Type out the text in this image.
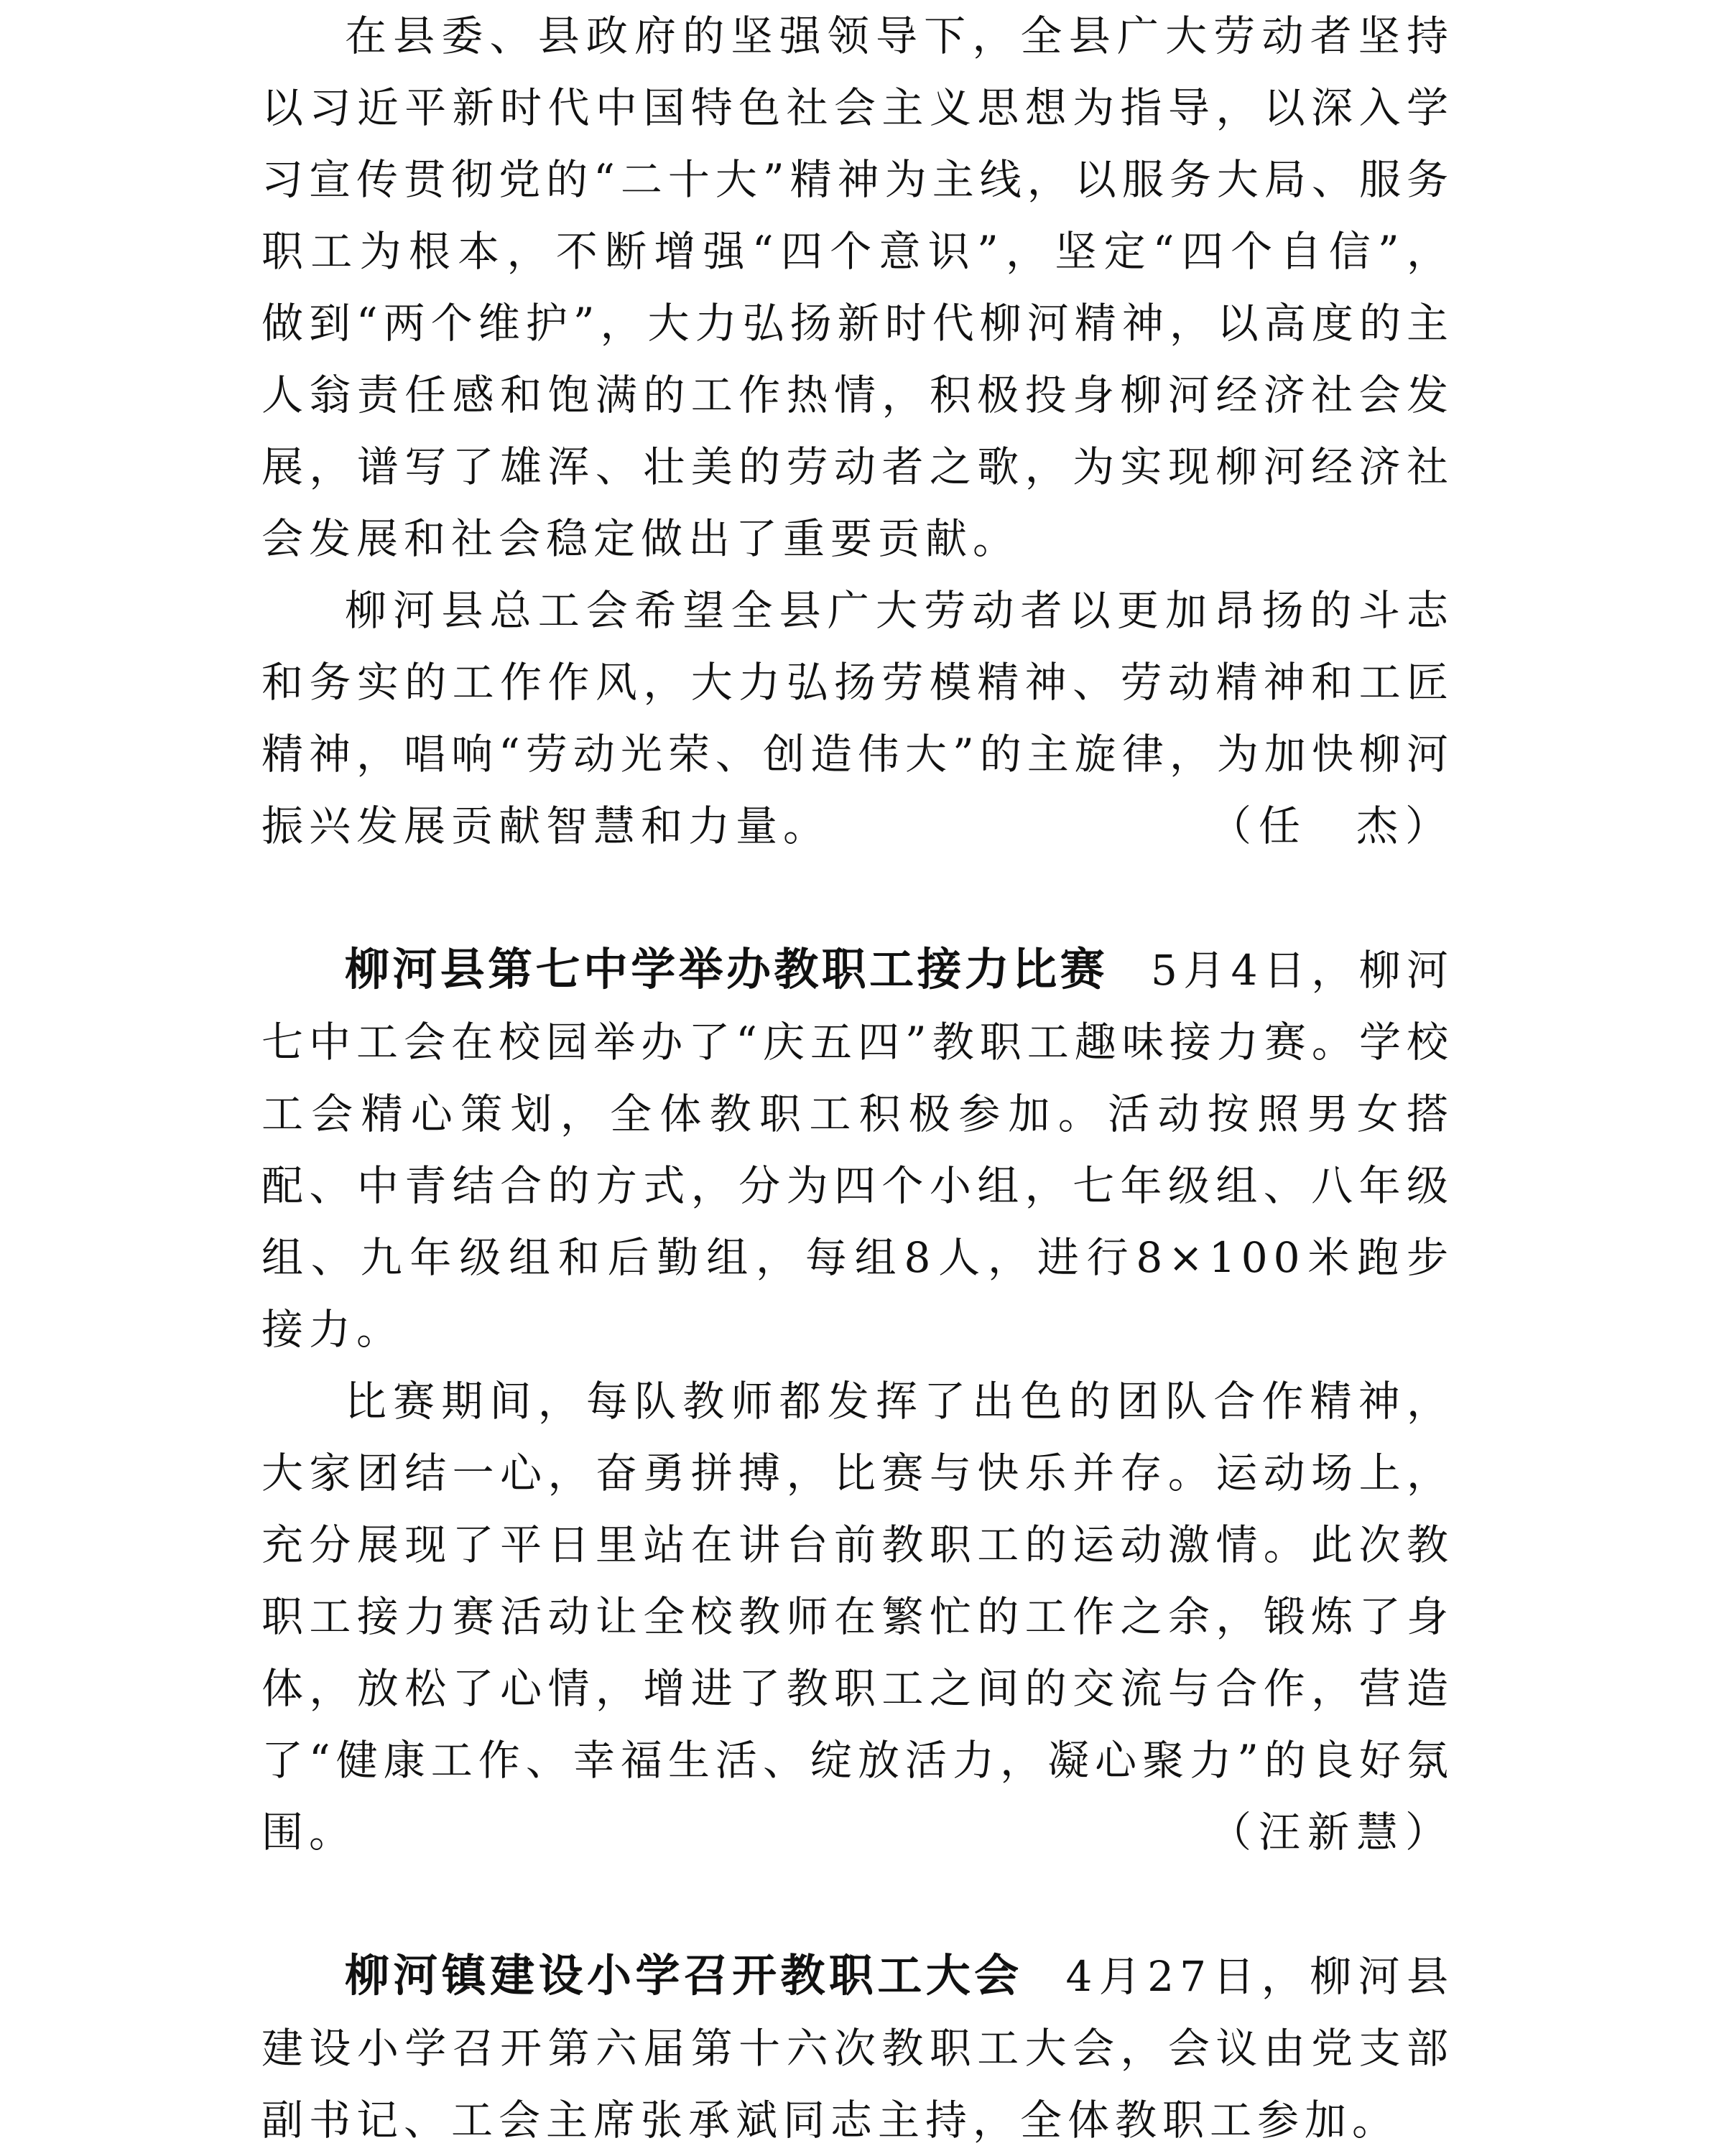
在县委、县政府的坚强领导下，全县广大劳动者坚持以习近平新时代中国特色社会主义思想为指导，以深入学习宣传贯彻党的“二十大”精神为主线，以服务大局、服务职工为根本，不断增强“四个意识”，坚定“四个自信”，做到“两个维护”，大力弘扬新时代柳河精神，以高度的主人翁责任感和饱满的工作热情，积极投身柳河经济社会发展，谱写了雄浑、壮美的劳动者之歌，为实现柳河经济社会发展和社会稳定做出了重要贡献。

柳河县总工会希望全县广大劳动者以更加昂扬的斗志和务实的工作作风，大力弘扬劳模精神、劳动精神和工匠精神，唱响“劳动光荣、创造伟大”的主旋律，为加快柳河振兴发展贡献智慧和力量。	（任　杰）

柳河县第七中学举办教职工接力比赛 5月4日，柳河七中工会在校园举办了“庆五四”教职工趣味接力赛。学校工会精心策划，全体教职工积极参加。活动按照男女搭配、中青结合的方式，分为四个小组，七年级组、八年级组、九年级组和后勤组，每组8人，进行8×100米跑步接力。

比赛期间，每队教师都发挥了出色的团队合作精神，大家团结一心，奋勇拼搏，比赛与快乐并存。运动场上，充分展现了平日里站在讲台前教职工的运动激情。此次教职工接力赛活动让全校教师在繁忙的工作之余，锻炼了身体，放松了心情，增进了教职工之间的交流与合作，营造了“健康工作、幸福生活、绽放活力，凝心聚力”的良好氛围。	（汪新慧）

柳河镇建设小学召开教职工大会 4月27日，柳河县建设小学召开第六届第十六次教职工大会，会议由党支部副书记、工会主席张承斌同志主持，全体教职工参加。
